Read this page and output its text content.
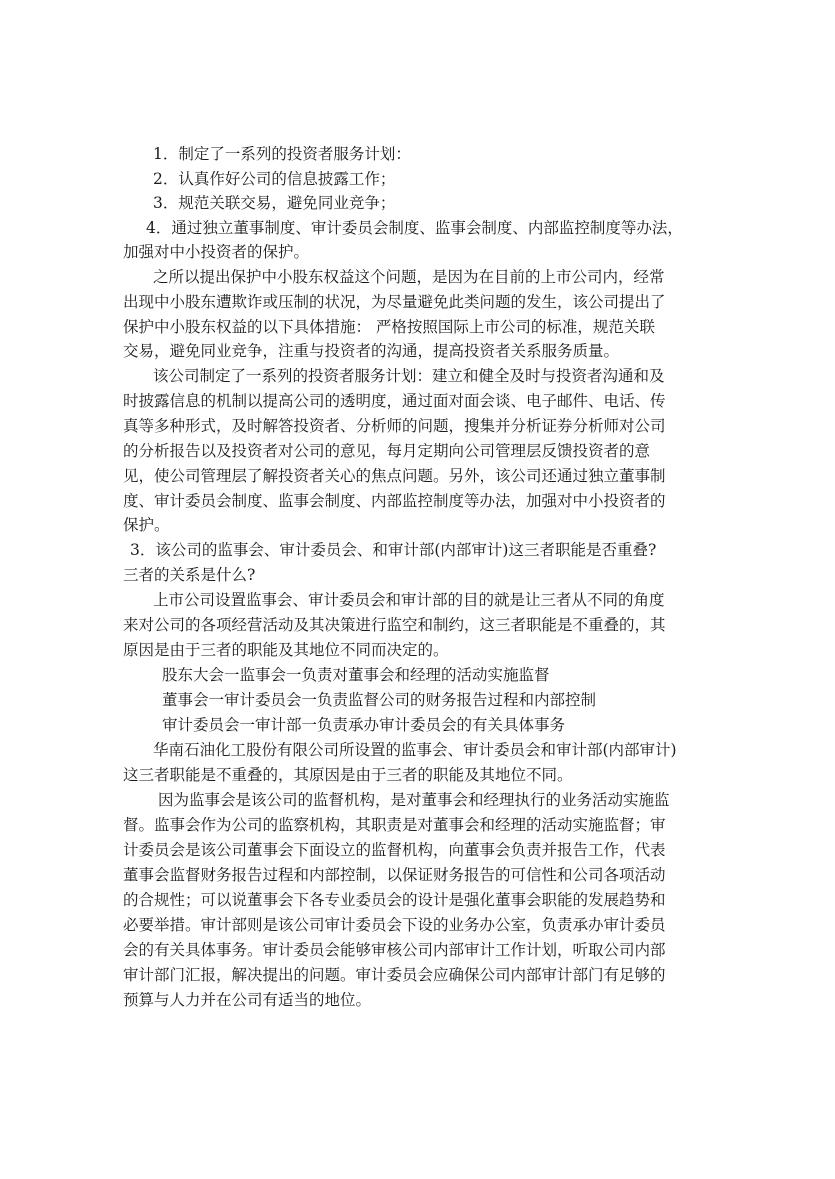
1．制定了一系列的投资者服务计划：
2．认真作好公司的信息披露工作；
3．规范关联交易，避免同业竞争；
4．通过独立董事制度、审计委员会制度、监事会制度、内部监控制度等办法，
加强对中小投资者的保护。
之所以提出保护中小股东权益这个问题，是因为在目前的上市公司内，经常
出现中小股东遭欺诈或压制的状况，为尽量避免此类问题的发生，该公司提出了
保护中小股东权益的以下具体措施： 严格按照国际上市公司的标准，规范关联
交易，避免同业竞争，注重与投资者的沟通，提高投资者关系服务质量。
该公司制定了一系列的投资者服务计划：建立和健全及时与投资者沟通和及
时披露信息的机制以提高公司的透明度，通过面对面会谈、电子邮件、电话、传
真等多种形式，及时解答投资者、分析师的问题，搜集并分析证券分析师对公司
的分析报告以及投资者对公司的意见，每月定期向公司管理层反馈投资者的意
见，使公司管理层了解投资者关心的焦点问题。另外，该公司还通过独立董事制
度、审计委员会制度、监事会制度、内部监控制度等办法，加强对中小投资者的
保护。
3．该公司的监事会、审计委员会、和审计部(内部审计)这三者职能是否重叠?
三者的关系是什么?
上市公司设置监事会、审计委员会和审计部的目的就是让三者从不同的角度
来对公司的各项经营活动及其决策进行监空和制约，这三者职能是不重叠的，其
原因是由于三者的职能及其地位不同而决定的。
股东大会一监事会一负责对董事会和经理的活动实施监督
董事会一审计委员会一负责监督公司的财务报告过程和内部控制
审计委员会一审计部一负责承办审计委员会的有关具体事务
华南石油化工股份有限公司所设置的监事会、审计委员会和审计部(内部审计)
这三者职能是不重叠的，其原因是由于三者的职能及其地位不同。
因为监事会是该公司的监督机构，是对董事会和经理执行的业务活动实施监
督。监事会作为公司的监察机构，其职责是对董事会和经理的活动实施监督；审
计委员会是该公司董事会下面设立的监督机构，向董事会负责并报告工作，代表
董事会监督财务报告过程和内部控制，以保证财务报告的可信性和公司各项活动
的合规性；可以说董事会下各专业委员会的设计是强化董事会职能的发展趋势和
必要举措。审计部则是该公司审计委员会下设的业务办公室，负责承办审计委员
会的有关具体事务。审计委员会能够审核公司内部审计工作计划，听取公司内部
审计部门汇报，解决提出的问题。审计委员会应确保公司内部审计部门有足够的
预算与人力并在公司有适当的地位。
